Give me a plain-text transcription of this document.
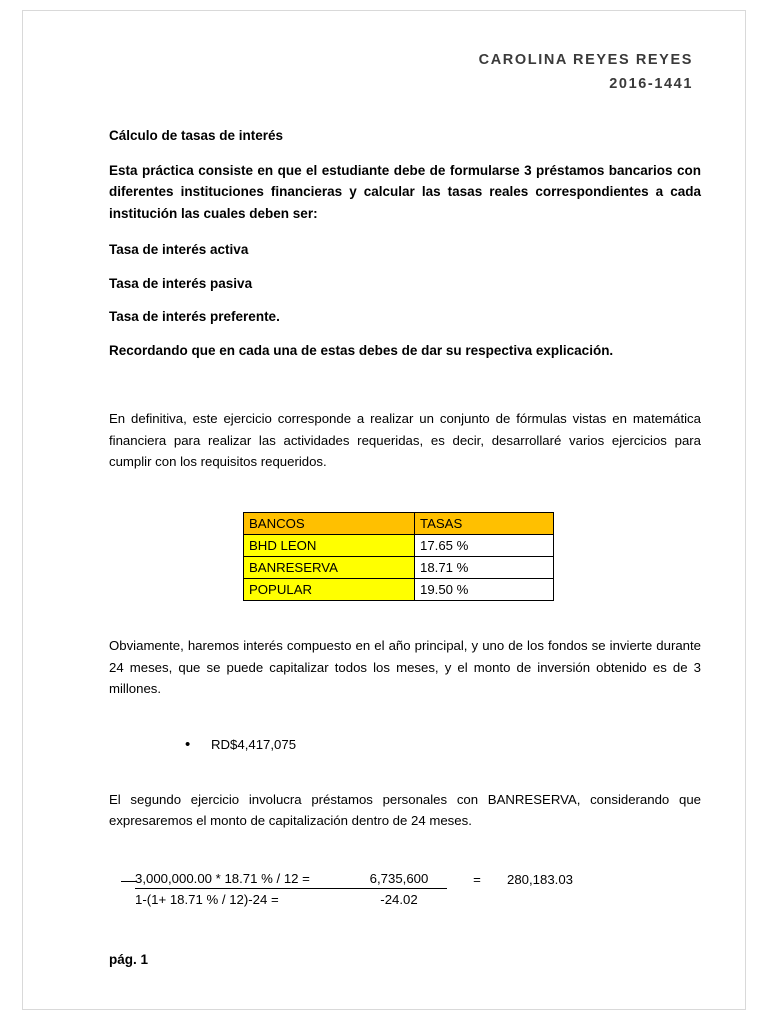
CAROLINA REYES REYES
2016-1441
Cálculo de tasas de interés
Esta práctica consiste en que el estudiante debe de formularse 3 préstamos bancarios con diferentes instituciones financieras y calcular las tasas reales correspondientes a cada institución las cuales deben ser:
Tasa de interés activa
Tasa de interés pasiva
Tasa de interés preferente.
Recordando que en cada una de estas debes de dar su respectiva explicación.
En definitiva, este ejercicio corresponde a realizar un conjunto de fórmulas vistas en matemática financiera para realizar las actividades requeridas, es decir, desarrollaré varios ejercicios para cumplir con los requisitos requeridos.
BANCOS	TASAS
BHD LEON	17.65 %
BANRESERVA	18.71 %
POPULAR	19.50 %
Obviamente, haremos interés compuesto en el año principal, y uno de los fondos se invierte durante 24 meses, que se puede capitalizar todos los meses, y el monto de inversión obtenido es de 3 millones.
• RD$4,417,075
El segundo ejercicio involucra préstamos personales con BANRESERVA, considerando que expresaremos el monto de capitalización dentro de 24 meses.
3,000,000.00 * 18.71 % / 12 =	6,735,600	=	280,183.03
1-(1+ 18.71 % / 12)-24 =	-24.02
pág. 1
